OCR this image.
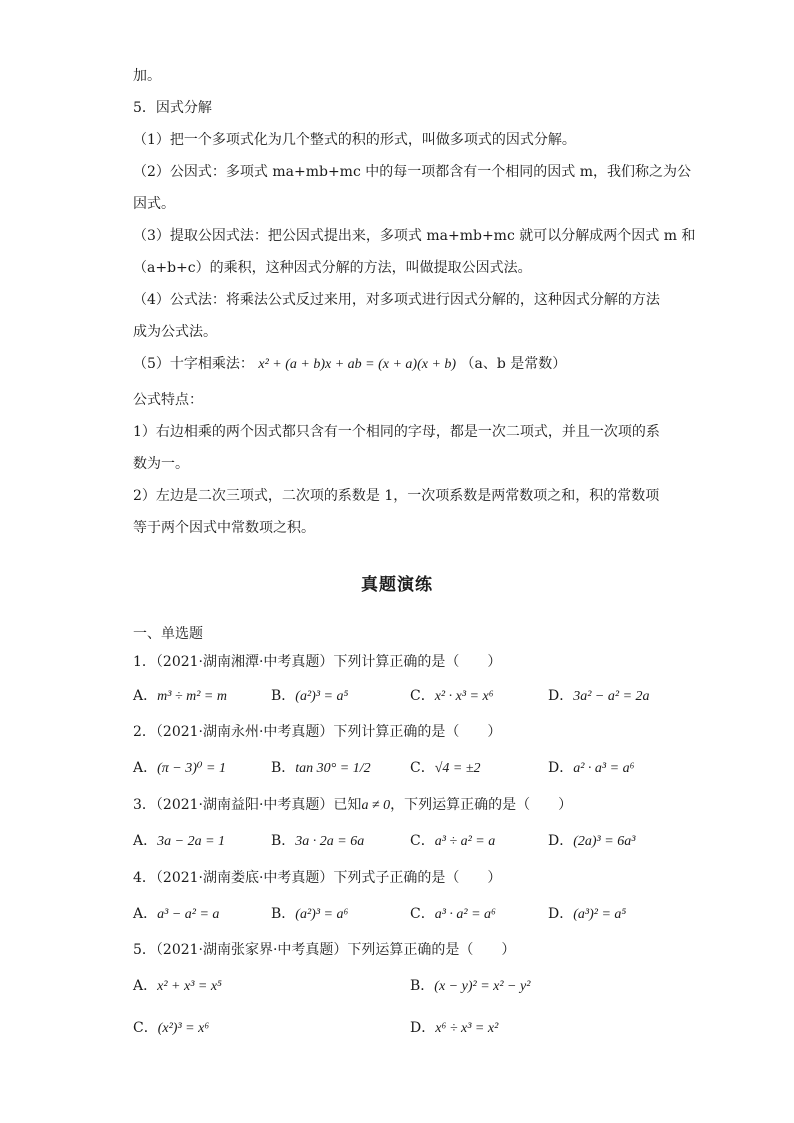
加。
5．因式分解
（1）把一个多项式化为几个整式的积的形式，叫做多项式的因式分解。
（2）公因式：多项式 ma+mb+mc 中的每一项都含有一个相同的因式 m，我们称之为公
因式。
（3）提取公因式法：把公因式提出来，多项式 ma+mb+mc 就可以分解成两个因式 m 和
（a+b+c）的乘积，这种因式分解的方法，叫做提取公因式法。
（4）公式法：将乘法公式反过来用，对多项式进行因式分解的，这种因式分解的方法
成为公式法。
（5）十字相乘法： x² + (a + b)x + ab = (x + a)(x + b) （a、b 是常数）
公式特点：
1）右边相乘的两个因式都只含有一个相同的字母，都是一次二项式，并且一次项的系
数为一。
2）左边是二次三项式，二次项的系数是 1，一次项系数是两常数项之和，积的常数项
等于两个因式中常数项之积。
真题演练
一、单选题
1．（2021·湖南湘潭·中考真题）下列计算正确的是（　　）
A．m³ ÷ m² = m	B．(a²)³ = a⁵	C．x² · x³ = x⁶	D．3a² − a² = 2a
2．（2021·湖南永州·中考真题）下列计算正确的是（　　）
A．(π − 3)⁰ = 1	B．tan 30° = 1/2	C．√4 = ±2	D．a² · a³ = a⁶
3．（2021·湖南益阳·中考真题）已知a ≠ 0，下列运算正确的是（　　）
A．3a − 2a = 1	B．3a · 2a = 6a	C．a³ ÷ a² = a	D．(2a)³ = 6a³
4．（2021·湖南娄底·中考真题）下列式子正确的是（　　）
A．a³ − a² = a	B．(a²)³ = a⁶	C．a³ · a² = a⁶	D．(a³)² = a⁵
5．（2021·湖南张家界·中考真题）下列运算正确的是（　　）
A．x² + x³ = x⁵	B．(x − y)² = x² − y²
C．(x²)³ = x⁶	D．x⁶ ÷ x³ = x²
